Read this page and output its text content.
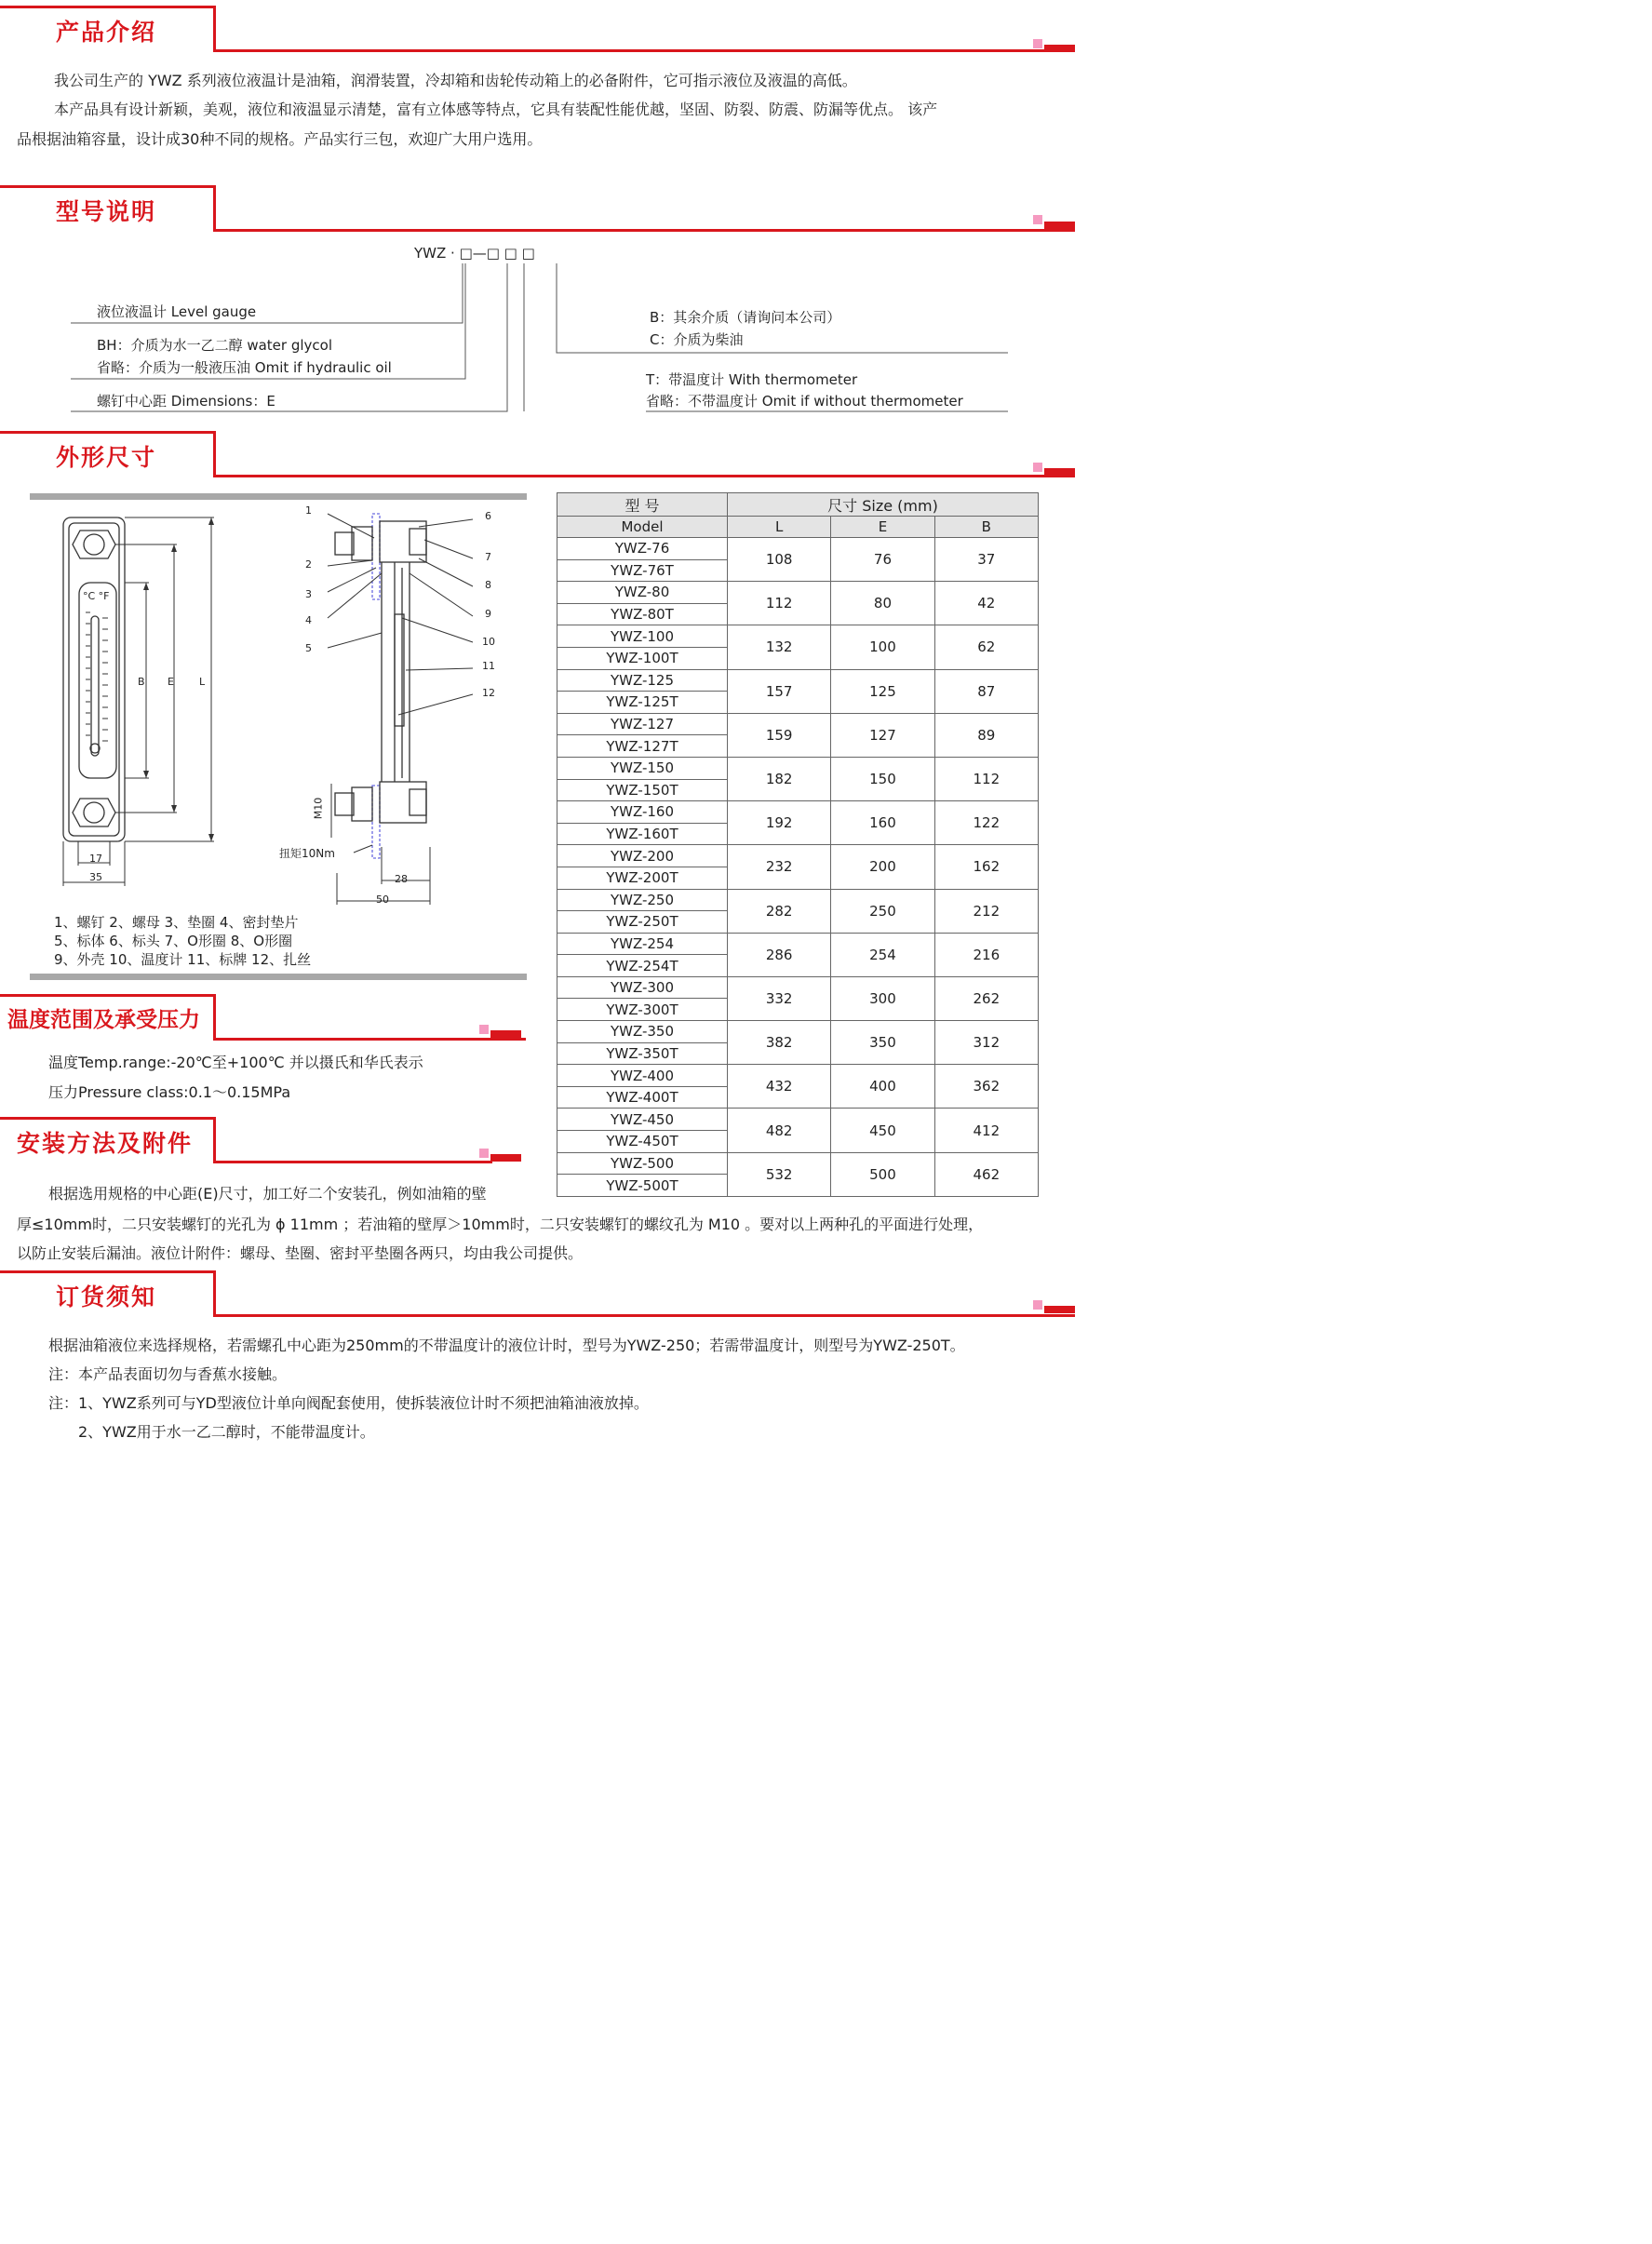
产品介绍
我公司生产的 YWZ 系列液位液温计是油箱，润滑装置，冷却箱和齿轮传动箱上的必备附件，它可指示液位及液温的高低。
本产品具有设计新颖，美观，液位和液温显示清楚，富有立体感等特点，它具有装配性能优越，坚固、防裂、防震、防漏等优点。 该产
品根据油箱容量，设计成30种不同的规格。产品实行三包，欢迎广大用户选用。
型号说明
YWZ · □—□ □ □
液位液温计 Level gauge
BH：介质为水一乙二醇 water glycol
省略：介质为一般液压油 Omit if hydraulic oil
螺钉中心距 Dimensions：E
B：其余介质（请询问本公司）
C：介质为柴油
T：带温度计 With thermometer
省略：不带温度计 Omit if without thermometer
外形尺寸
°C °F
B E L
17
35
1
2
3
4
5
6
7
8
9
10
11
12
M10
扭矩10Nm
28
50
1、螺钉 2、螺母 3、垫圈 4、密封垫片
5、标体 6、标头 7、O形圈 8、O形圈
9、外壳 10、温度计 11、标牌 12、扎丝
型 号	尺寸 Size (mm)		
Model	L	E	B
YWZ-76	108	76	37
YWZ-76T			
YWZ-80	112	80	42
YWZ-80T			
YWZ-100	132	100	62
YWZ-100T			
YWZ-125	157	125	87
YWZ-125T			
YWZ-127	159	127	89
YWZ-127T			
YWZ-150	182	150	112
YWZ-150T			
YWZ-160	192	160	122
YWZ-160T			
YWZ-200	232	200	162
YWZ-200T			
YWZ-250	282	250	212
YWZ-250T			
YWZ-254	286	254	216
YWZ-254T			
YWZ-300	332	300	262
YWZ-300T			
YWZ-350	382	350	312
YWZ-350T			
YWZ-400	432	400	362
YWZ-400T			
YWZ-450	482	450	412
YWZ-450T			
YWZ-500	532	500	462
YWZ-500T			
温度范围及承受压力
温度Temp.range:-20℃至+100℃ 并以摄氏和华氏表示
压力Pressure class:0.1～0.15MPa
安装方法及附件
根据选用规格的中心距(E)尺寸，加工好二个安装孔，例如油箱的壁
厚≤10mm时，二只安装螺钉的光孔为 ϕ 11mm ；若油箱的壁厚＞10mm时，二只安装螺钉的螺纹孔为 M10 。要对以上两种孔的平面进行处理，
以防止安装后漏油。液位计附件：螺母、垫圈、密封平垫圈各两只，均由我公司提供。
订货须知
根据油箱液位来选择规格，若需螺孔中心距为250mm的不带温度计的液位计时，型号为YWZ-250；若需带温度计，则型号为YWZ-250T。
注：本产品表面切勿与香蕉水接触。
注：1、YWZ系列可与YD型液位计单向阀配套使用，使拆装液位计时不须把油箱油液放掉。
2、YWZ用于水一乙二醇时，不能带温度计。
